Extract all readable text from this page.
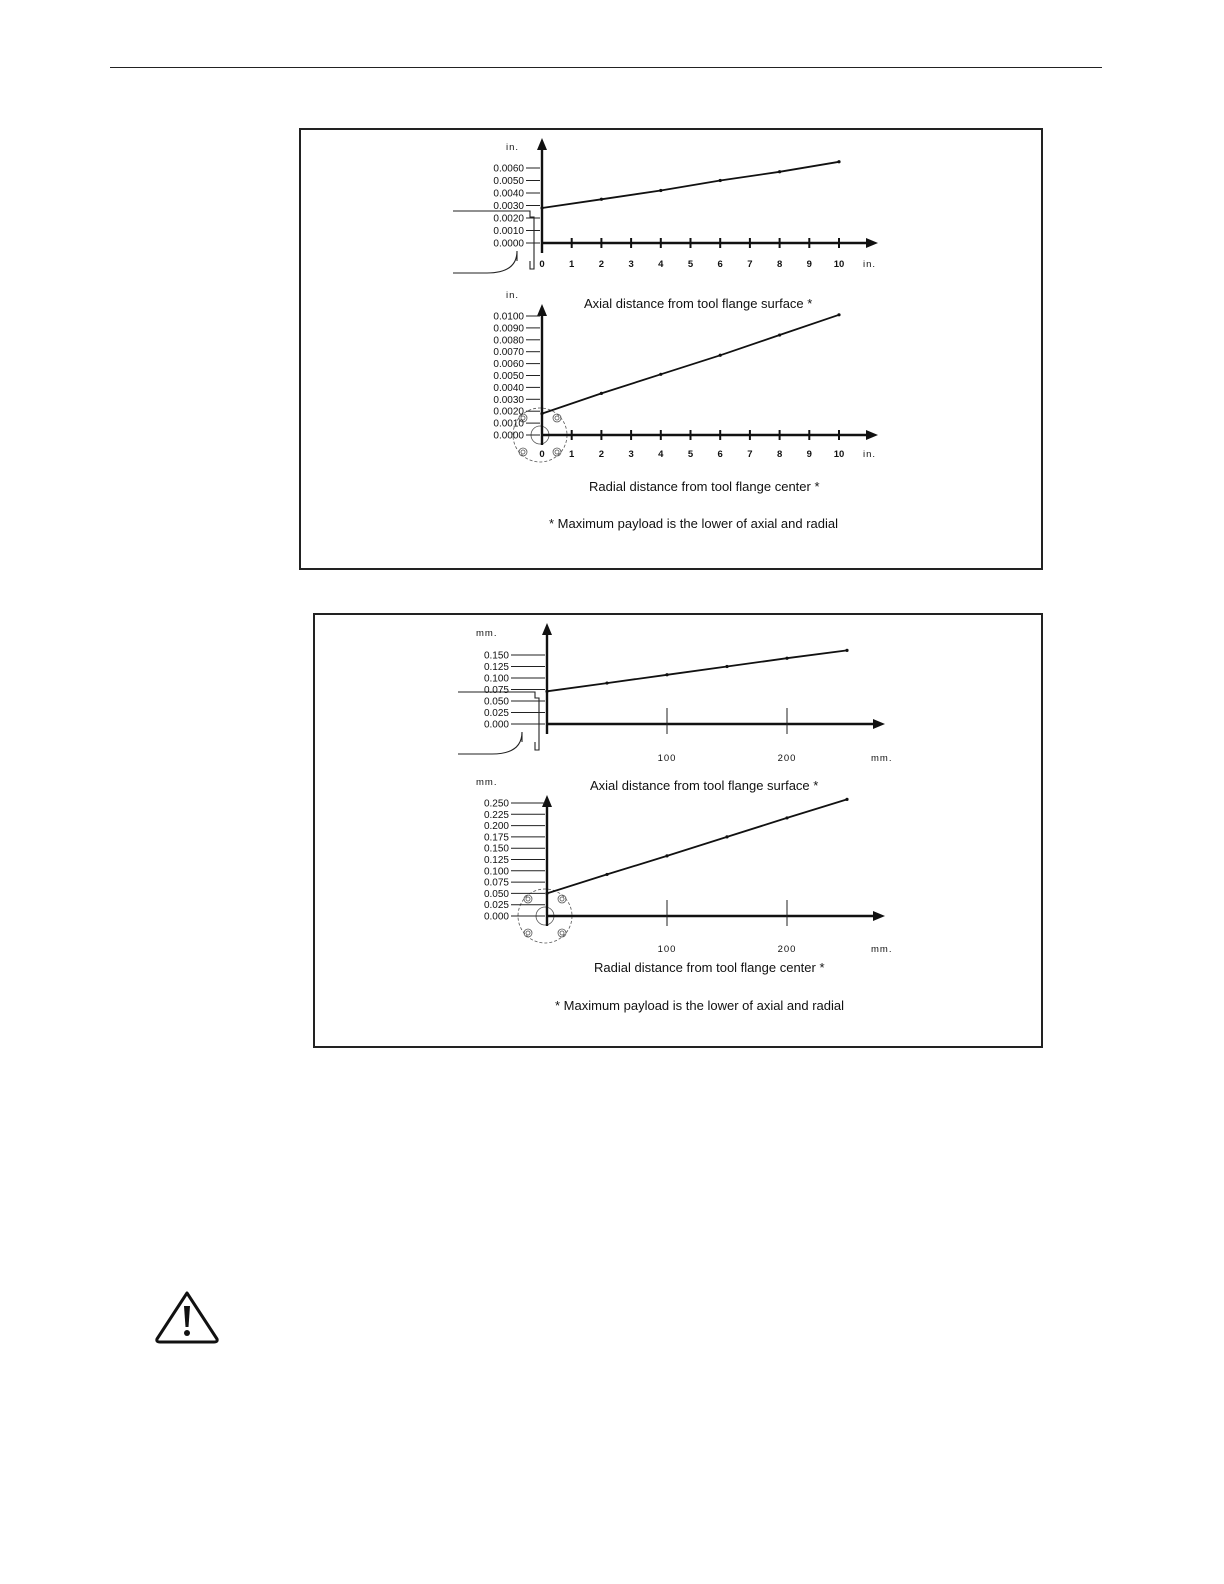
0.0060
0.0050
0.0040
0.0030
0.0020
0.0010
0.0000
in.
in.
0	1	2	3	4	5	6	7	8	9 10
Axial distance from tool flange surface *
0.0100
0.0090
0.0080
0.0070
0.0060
0.0050
0.0040
0.0030
0.0020
0.0010
0.0000
in.
in.
0	1	2	3	4	5	6	7	8	9 10
Radial distance from tool flange center *
* Maximum payload is the lower of axial and radial
0.150
0.125
0.100
0.075
0.050
0.025
0.000
mm.
mm.
100	200
Axial distance from tool flange surface *
0.250
0.225
0.200
0.175
0.150
0.125
0.100
0.075
0.050
0.025
0.000
mm.
mm.
100	200
Radial distance from tool flange center *
* Maximum payload is the lower of axial and radial
